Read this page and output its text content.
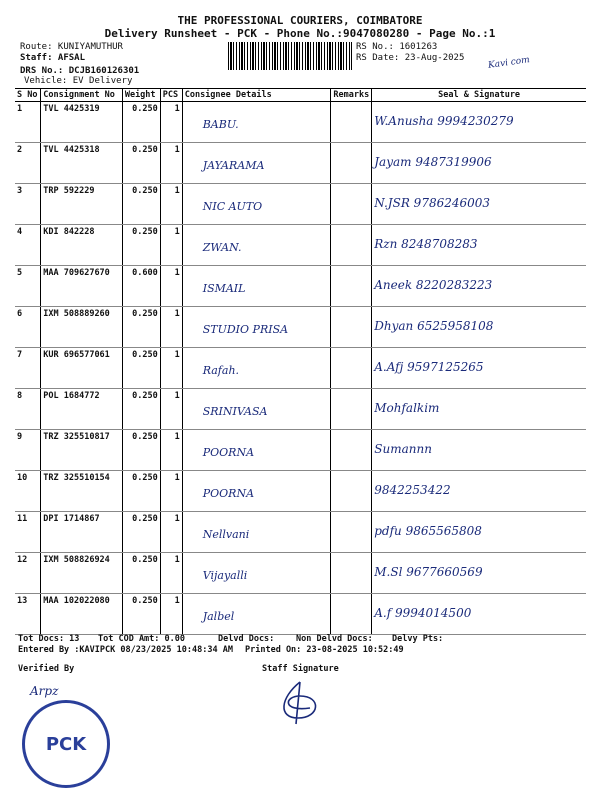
THE PROFESSIONAL COURIERS, COIMBATORE
Delivery Runsheet - PCK - Phone No.:9047080280 - Page No.:1
Route: KUNIYAMUTHUR
Staff: AFSAL
DRS No.: DCJB160126301
Vehicle: EV Delivery
RS No.: 1601263
RS Date: 23-Aug-2025	Kavi com
S No	Consignment No	Weight	PCS	Consignee Details	Remarks	Seal & Signature
1	TVL 4425319	0.250	1	BABU.		W.Anusha 9994230279
2	TVL 4425318	0.250	1	JAYARAMA		Jayam 9487319906
3	TRP 592229	0.250	1	NIC AUTO		N.JSR 9786246003
4	KDI 842228	0.250	1	ZWAN.		Rzn 8248708283
5	MAA 709627670	0.600	1	ISMAIL		Aneek 8220283223
6	IXM 508889260	0.250	1	STUDIO PRISA		Dhyan 6525958108
7	KUR 696577061	0.250	1	Rafah.		A.Afj 9597125265
8	POL 1684772	0.250	1	SRINIVASA		Mohfalkim
9	TRZ 325510817	0.250	1	POORNA		Sumannn
10	TRZ 325510154	0.250	1	POORNA		9842253422
11	DPI 1714867	0.250	1	Nellvani		pdfu 9865565808
12	IXM 508826924	0.250	1	Vijayalli		M.Sl 9677660569
13	MAA 102022080	0.250	1	Jalbel		A.f 9994014500
Tot Docs: 13 Tot COD Amt: 0.00	Delvd Docs:	Non Delvd Docs: Delvy Pts:
Entered By :KAVIPCK 08/23/2025 10:48:34 AM Printed On: 23-08-2025 10:52:49
Verified By
Arpz
Staff Signature
PCK
